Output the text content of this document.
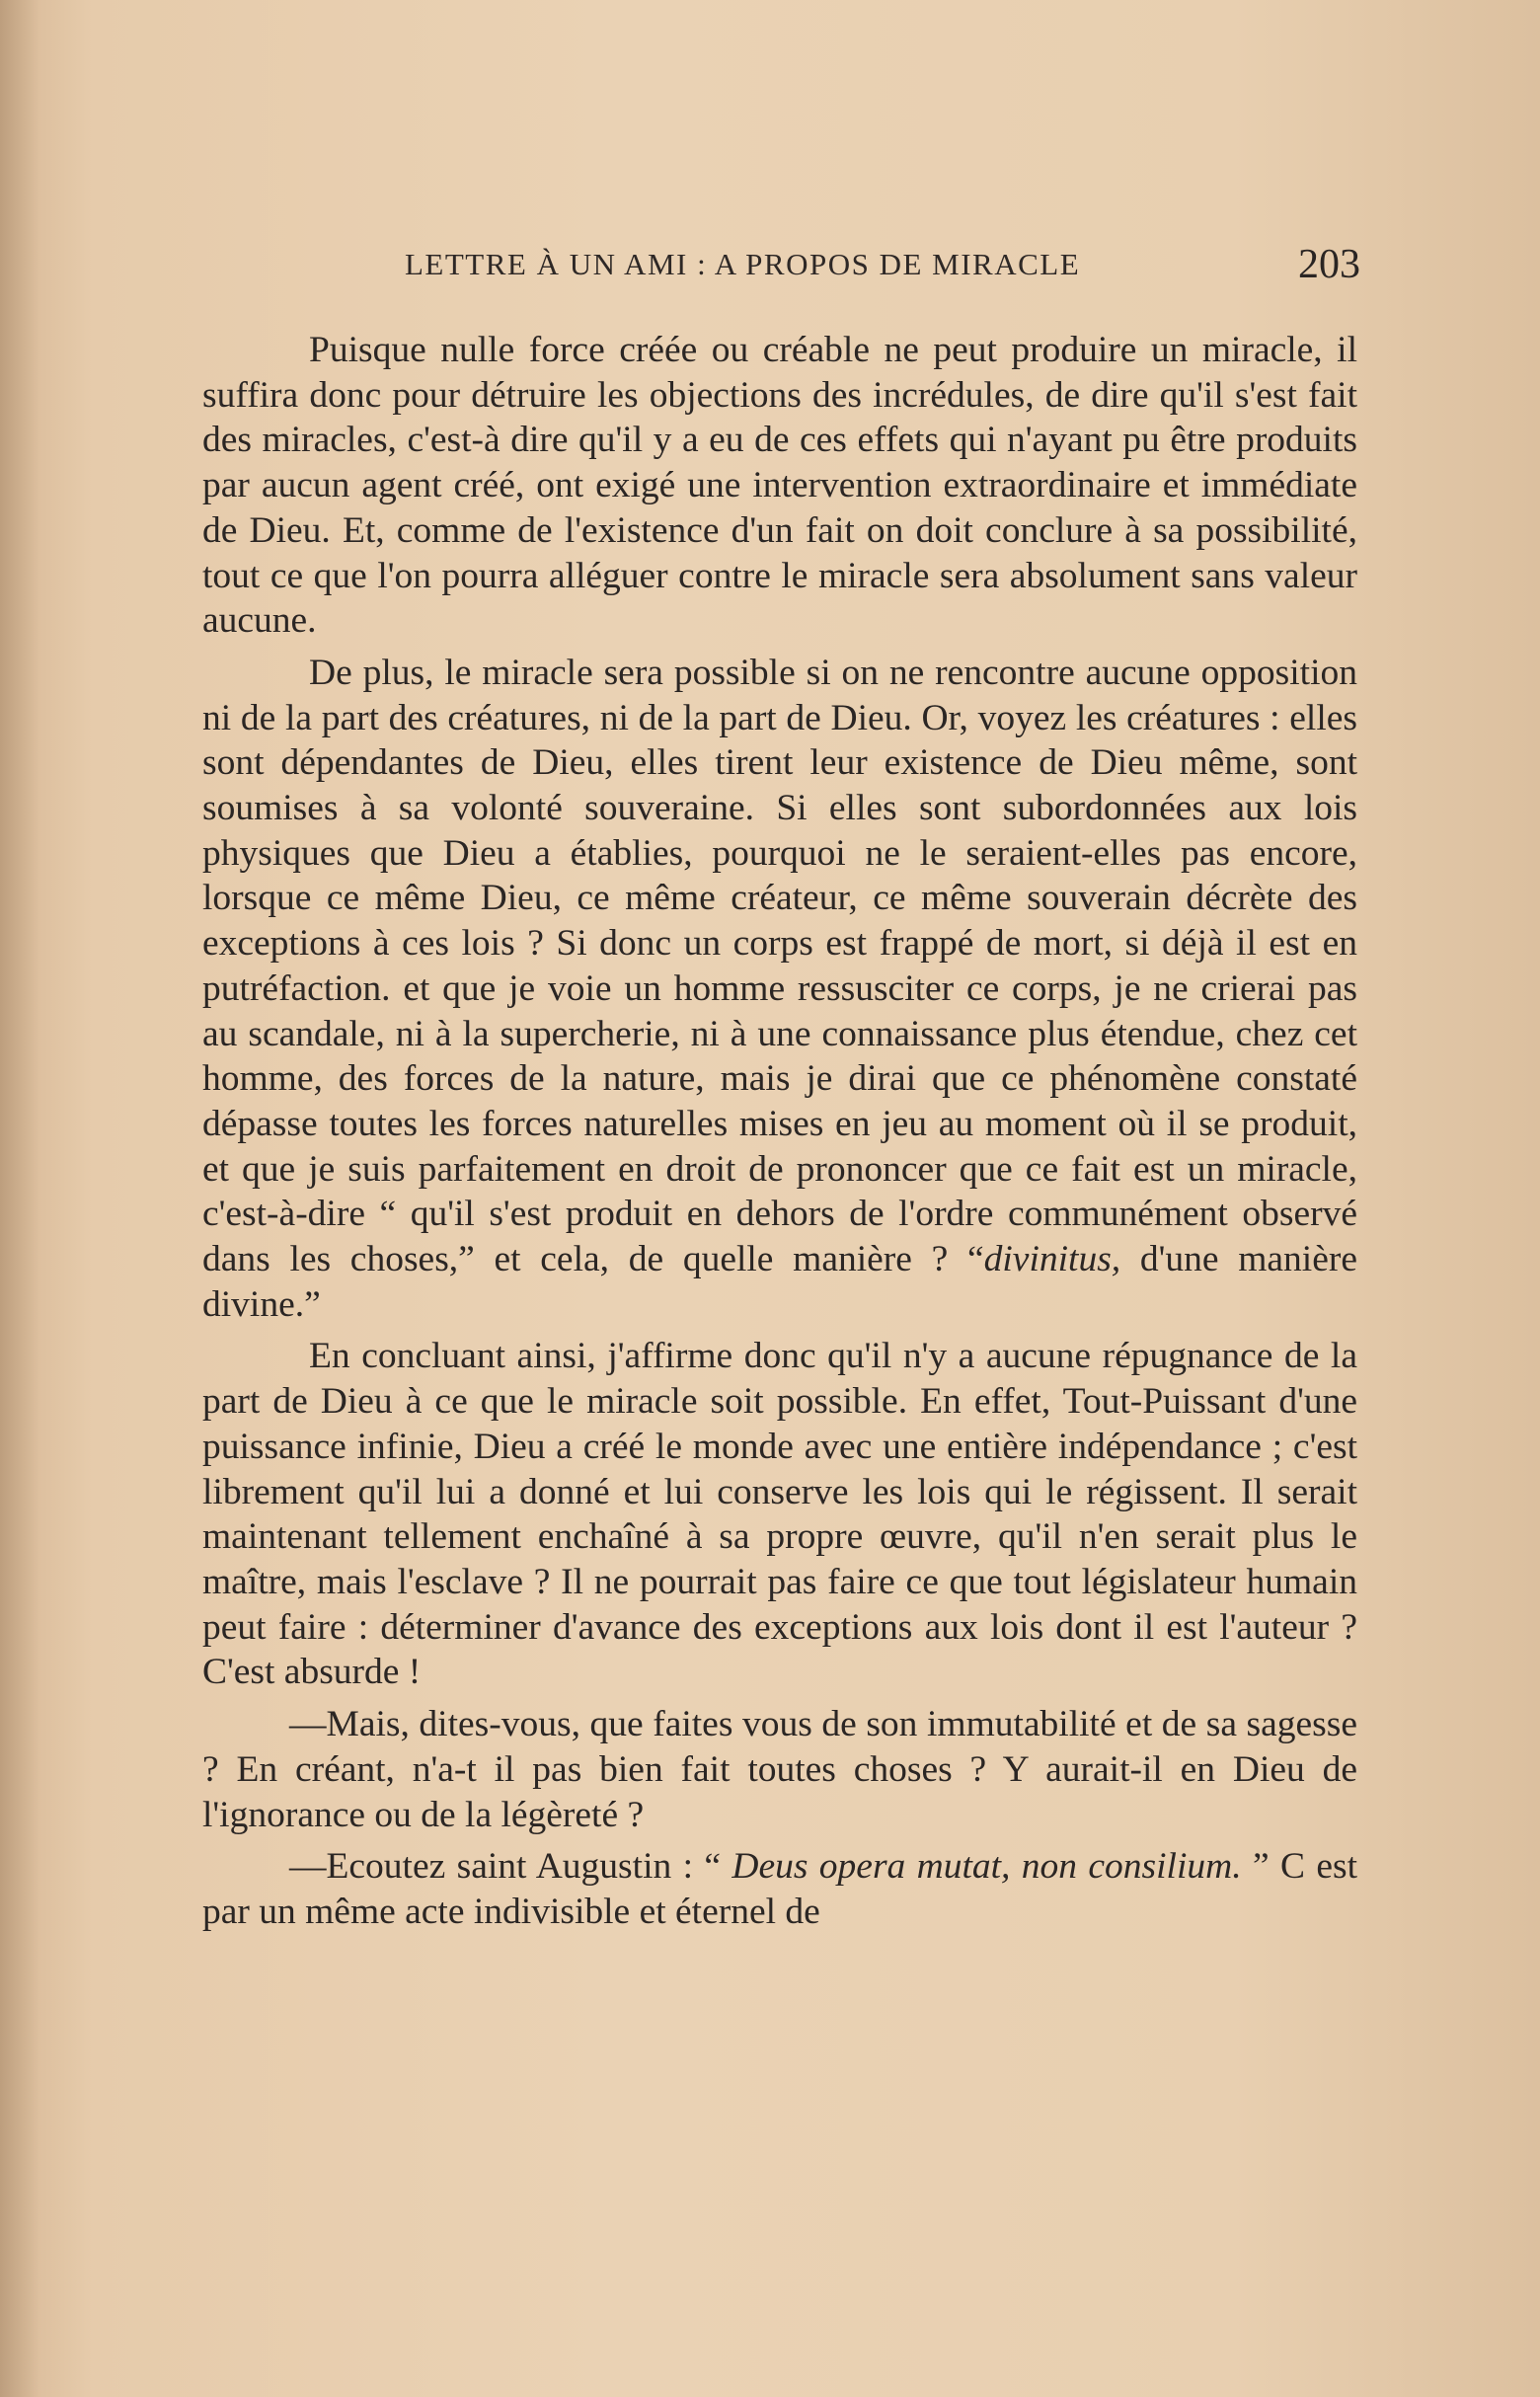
LETTRE À UN AMI : A PROPOS DE MIRACLE	203

Puisque nulle force créée ou créable ne peut produire un miracle, il suffira donc pour détruire les objections des incrédules, de dire qu'il s'est fait des miracles, c'est-à dire qu'il y a eu de ces effets qui n'ayant pu être produits par aucun agent créé, ont exigé une intervention extraordinaire et immédiate de Dieu. Et, comme de l'existence d'un fait on doit conclure à sa possibilité, tout ce que l'on pourra alléguer contre le miracle sera absolument sans valeur aucune.

De plus, le miracle sera possible si on ne rencontre aucune opposition ni de la part des créatures, ni de la part de Dieu. Or, voyez les créatures : elles sont dépendantes de Dieu, elles tirent leur existence de Dieu même, sont soumises à sa volonté souveraine. Si elles sont subordonnées aux lois physiques que Dieu a établies, pourquoi ne le seraient-elles pas encore, lorsque ce même Dieu, ce même créateur, ce même souverain décrète des exceptions à ces lois ? Si donc un corps est frappé de mort, si déjà il est en putréfaction. et que je voie un homme ressusciter ce corps, je ne crierai pas au scandale, ni à la supercherie, ni à une connaissance plus étendue, chez cet homme, des forces de la nature, mais je dirai que ce phénomène constaté dépasse toutes les forces naturelles mises en jeu au moment où il se produit, et que je suis parfaitement en droit de prononcer que ce fait est un miracle, c'est-à-dire “ qu'il s'est produit en dehors de l'ordre communément observé dans les choses,” et cela, de quelle manière ? “divinitus, d'une manière divine.”

En concluant ainsi, j'affirme donc qu'il n'y a aucune répugnance de la part de Dieu à ce que le miracle soit possible. En effet, Tout-Puissant d'une puissance infinie, Dieu a créé le monde avec une entière indépendance ; c'est librement qu'il lui a donné et lui conserve les lois qui le régissent. Il serait maintenant tellement enchaîné à sa propre œuvre, qu'il n'en serait plus le maître, mais l'esclave ? Il ne pourrait pas faire ce que tout législateur humain peut faire : déterminer d'avance des exceptions aux lois dont il est l'auteur ? C'est absurde !

—Mais, dites-vous, que faites vous de son immutabilité et de sa sagesse ? En créant, n'a-t il pas bien fait toutes choses ? Y aurait-il en Dieu de l'ignorance ou de la légèreté ?

—Ecoutez saint Augustin : “ Deus opera mutat, non consilium. ” C est par un même acte indivisible et éternel de
